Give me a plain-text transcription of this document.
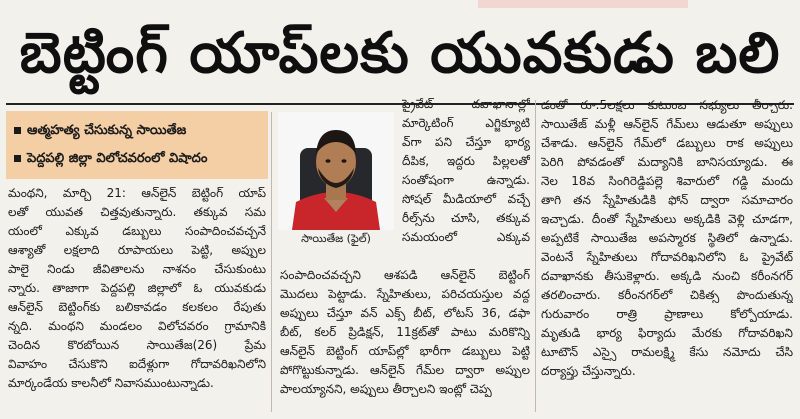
బెట్టింగ్ యాప్‌లకు యువకుడు బలి
ఆత్మహత్య చేసుకున్న సాయితేజ
పెద్దపల్లి జిల్లా విలోచవరంలో విషాదం
మంథని, మార్చి 21: ఆన్‌లైన్ బెట్టింగ్ యాప్
లతో యువత చిత్తవుతున్నారు. తక్కువ సమ
యంలో ఎక్కువ డబ్బులు సంపాదించవచ్చనే
ఆశ్యాతో లక్షలాది రూపాయలు పెట్టి, అప్పుల
పాలై నిండు జీవితాలను నాశనం చేసుకుంటు
న్నారు. తాజాగా పెద్దపల్లి జిల్లాలో ఓ యువకుడు
ఆన్‌లైన్ బెట్టింగ్‌కు బలికావడం కలకలం రేపుతు
న్నది. మంథని మండలం విలోచవరం గ్రామానికి
చెందిన కొరబోయిన సాయితేజ(26) ప్రేమ
వివాహం చేసుకొని ఐదేళ్లుగా గోదావరిఖనిలోని
మార్కండేయ కాలనీలో నివాసముంటున్నాడు.
సాయితేజ (ఫైల్)
ప్రైవేట్ దవాఖానాల్లో
మార్కెటింగ్ ఎగ్జిక్యూటి
వ్‌గా పని చేస్తూ భార్య
దీపిక, ఇద్దరు పిల్లలతో
సంతోషంగా ఉన్నాడు.
సోషల్ మీడియాలో వచ్చే
రీల్స్‌ను చూసి, తక్కువ
సమయంలో ఎక్కువ
సంపాదించవచ్చని ఆశపడి ఆన్‌లైన్ బెట్టింగ్
మొదలు పెట్టాడు. స్నేహితులు, పరిచయస్తుల వద్ద
అప్పులు చేస్తూ వన్ ఎక్స్ బీట్, లోటస్ 36, డఫా
బీట్, కలర్ ప్రిడిక్షన్, 11క్రట్‌తో పాటు మరికొన్ని
ఆన్‌లైన్ బెట్టింగ్ యాప్‌ల్లో భారీగా డబ్బులు పెట్టి
పోగొట్టుకున్నాడు. ఆన్‌లైన్ గేమ్‌ల ద్వారా అప్పుల
పాలయ్యానని, అప్పులు తీర్చాలని ఇంట్లో చెప్ప
డంతో రూ.5లక్షలు కుటుంబ సభ్యులు తీర్చారు.
సాయితేజ్ మళ్లీ ఆన్‌లైన్ గేమ్‌లు ఆడుతూ అప్పులు
చేశాడు. ఆన్‌లైన్ గేమ్‌లో డబ్బులు రాక అప్పులు
పెరిగి పోవడంతో మద్యానికి బానిసయ్యాడు. ఈ
నెల 18వ సింగిరెడ్డిపల్లె శివారులో గడ్డి మందు
తాగి తన స్నేహితుడికి ఫోన్ ద్వారా సమాచారం
ఇచ్చాడు. దీంతో స్నేహితులు అక్కడికి వెళ్లి చూడగా,
అప్పటికే సాయితేజ అపస్మారక స్థితిలో ఉన్నాడు.
వెంటనే స్నేహితులు గోదావరిఖనిలోని ఓ ప్రైవేట్
దవాఖానకు తీసుకెళ్లారు. అక్కడి నుంచి కరీంనగర్
తరలించారు. కరీంనగర్‌లో చికిత్స పొందుతున్న
గురువారం రాత్రి ప్రాణాలు కోల్పోయాడు.
మృతుడి భార్య ఫిర్యాదు మేరకు గోదావరిఖని
టూటౌన్ ఎస్సై రామలక్ష్మి కేసు నమోదు చేసి
దర్యాప్తు చేస్తున్నారు.
